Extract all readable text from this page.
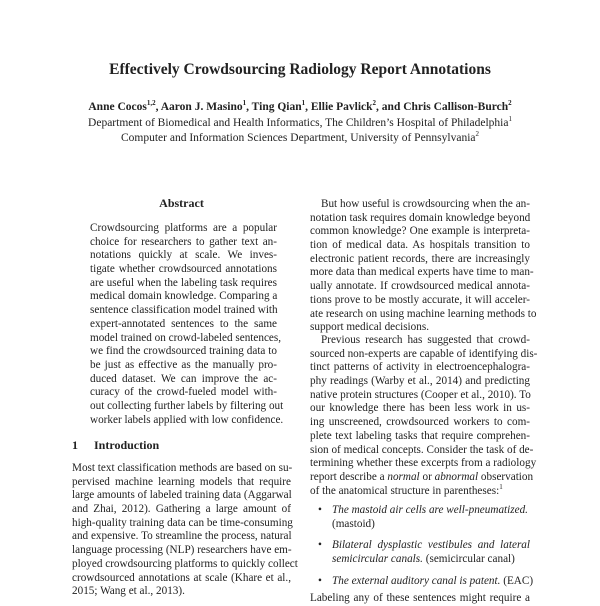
Effectively Crowdsourcing Radiology Report Annotations
Anne Cocos$^{1,2}$, Aaron J. Masino$^1$, Ting Qian$^1$, Ellie Pavlick$^2$, and Chris Callison-Burch$^2$
Department of Biomedical and Health Informatics, The Children’s Hospital of Philadelphia$^1$
Computer and Information Sciences Department, University of Pennsylvania$^2$
Abstract
Crowdsourcing platforms are a popular
choice for researchers to gather text an-
notations quickly at scale. We inves-
tigate whether crowdsourced annotations
are useful when the labeling task requires
medical domain knowledge. Comparing a
sentence classification model trained with
expert-annotated sentences to the same
model trained on crowd-labeled sentences,
we find the crowdsourced training data to
be just as effective as the manually pro-
duced dataset. We can improve the ac-
curacy of the crowd-fueled model with-
out collecting further labels by filtering out
worker labels applied with low confidence.
1 Introduction
Most text classification methods are based on su-
pervised machine learning models that require
large amounts of labeled training data (Aggarwal
and Zhai, 2012). Gathering a large amount of
high-quality training data can be time-consuming
and expensive. To streamline the process, natural
language processing (NLP) researchers have em-
ployed crowdsourcing platforms to quickly collect
crowdsourced annotations at scale (Khare et al.,
2015; Wang et al., 2013).
But how useful is crowdsourcing when the an-
notation task requires domain knowledge beyond
common knowledge? One example is interpreta-
tion of medical data. As hospitals transition to
electronic patient records, there are increasingly
more data than medical experts have time to man-
ually annotate. If crowdsourced medical annota-
tions prove to be mostly accurate, it will acceler-
ate research on using machine learning methods to
support medical decisions.
Previous research has suggested that crowd-
sourced non-experts are capable of identifying dis-
tinct patterns of activity in electroencephalogra-
phy readings (Warby et al., 2014) and predicting
native protein structures (Cooper et al., 2010). To
our knowledge there has been less work in us-
ing unscreened, crowdsourced workers to com-
plete text labeling tasks that require comprehen-
sion of medical concepts. Consider the task of de-
termining whether these excerpts from a radiology
report describe a normal or abnormal observation
of the anatomical structure in parentheses:$^1$
• The mastoid air cells are well-pneumatized.
(mastoid)
• Bilateral dysplastic vestibules and lateral
semicircular canals. (semicircular canal)
• The external auditory canal is patent. (EAC)
Labeling any of these sentences might require a
